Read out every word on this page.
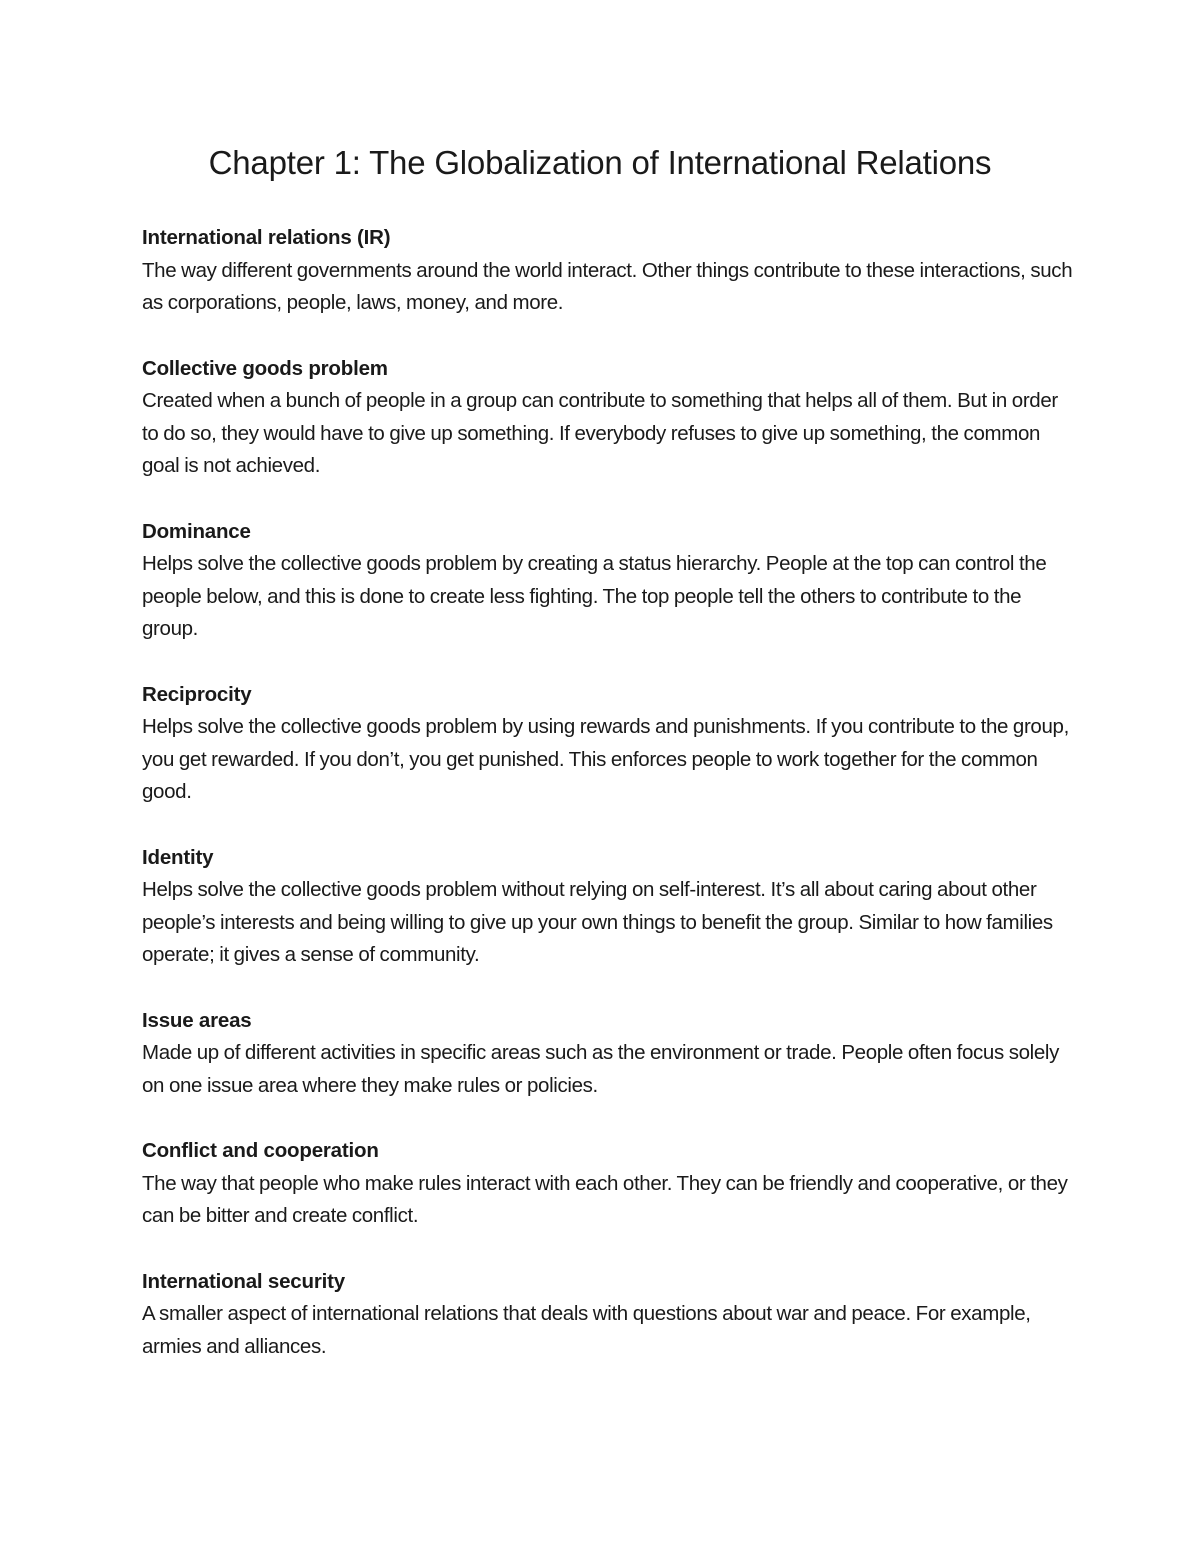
Chapter 1: The Globalization of International Relations

International relations (IR)

The way different governments around the world interact. Other things contribute to these interactions, such as corporations, people, laws, money, and more.

Collective goods problem

Created when a bunch of people in a group can contribute to something that helps all of them. But in order to do so, they would have to give up something. If everybody refuses to give up something, the common goal is not achieved.

Dominance

Helps solve the collective goods problem by creating a status hierarchy. People at the top can control the people below, and this is done to create less fighting. The top people tell the others to contribute to the group.

Reciprocity

Helps solve the collective goods problem by using rewards and punishments. If you contribute to the group, you get rewarded. If you don’t, you get punished. This enforces people to work together for the common good.

Identity

Helps solve the collective goods problem without relying on self-interest. It’s all about caring about other people’s interests and being willing to give up your own things to benefit the group. Similar to how families operate; it gives a sense of community.

Issue areas

Made up of different activities in specific areas such as the environment or trade. People often focus solely on one issue area where they make rules or policies.

Conflict and cooperation

The way that people who make rules interact with each other. They can be friendly and cooperative, or they can be bitter and create conflict.

International security

A smaller aspect of international relations that deals with questions about war and peace. For example, armies and alliances.
